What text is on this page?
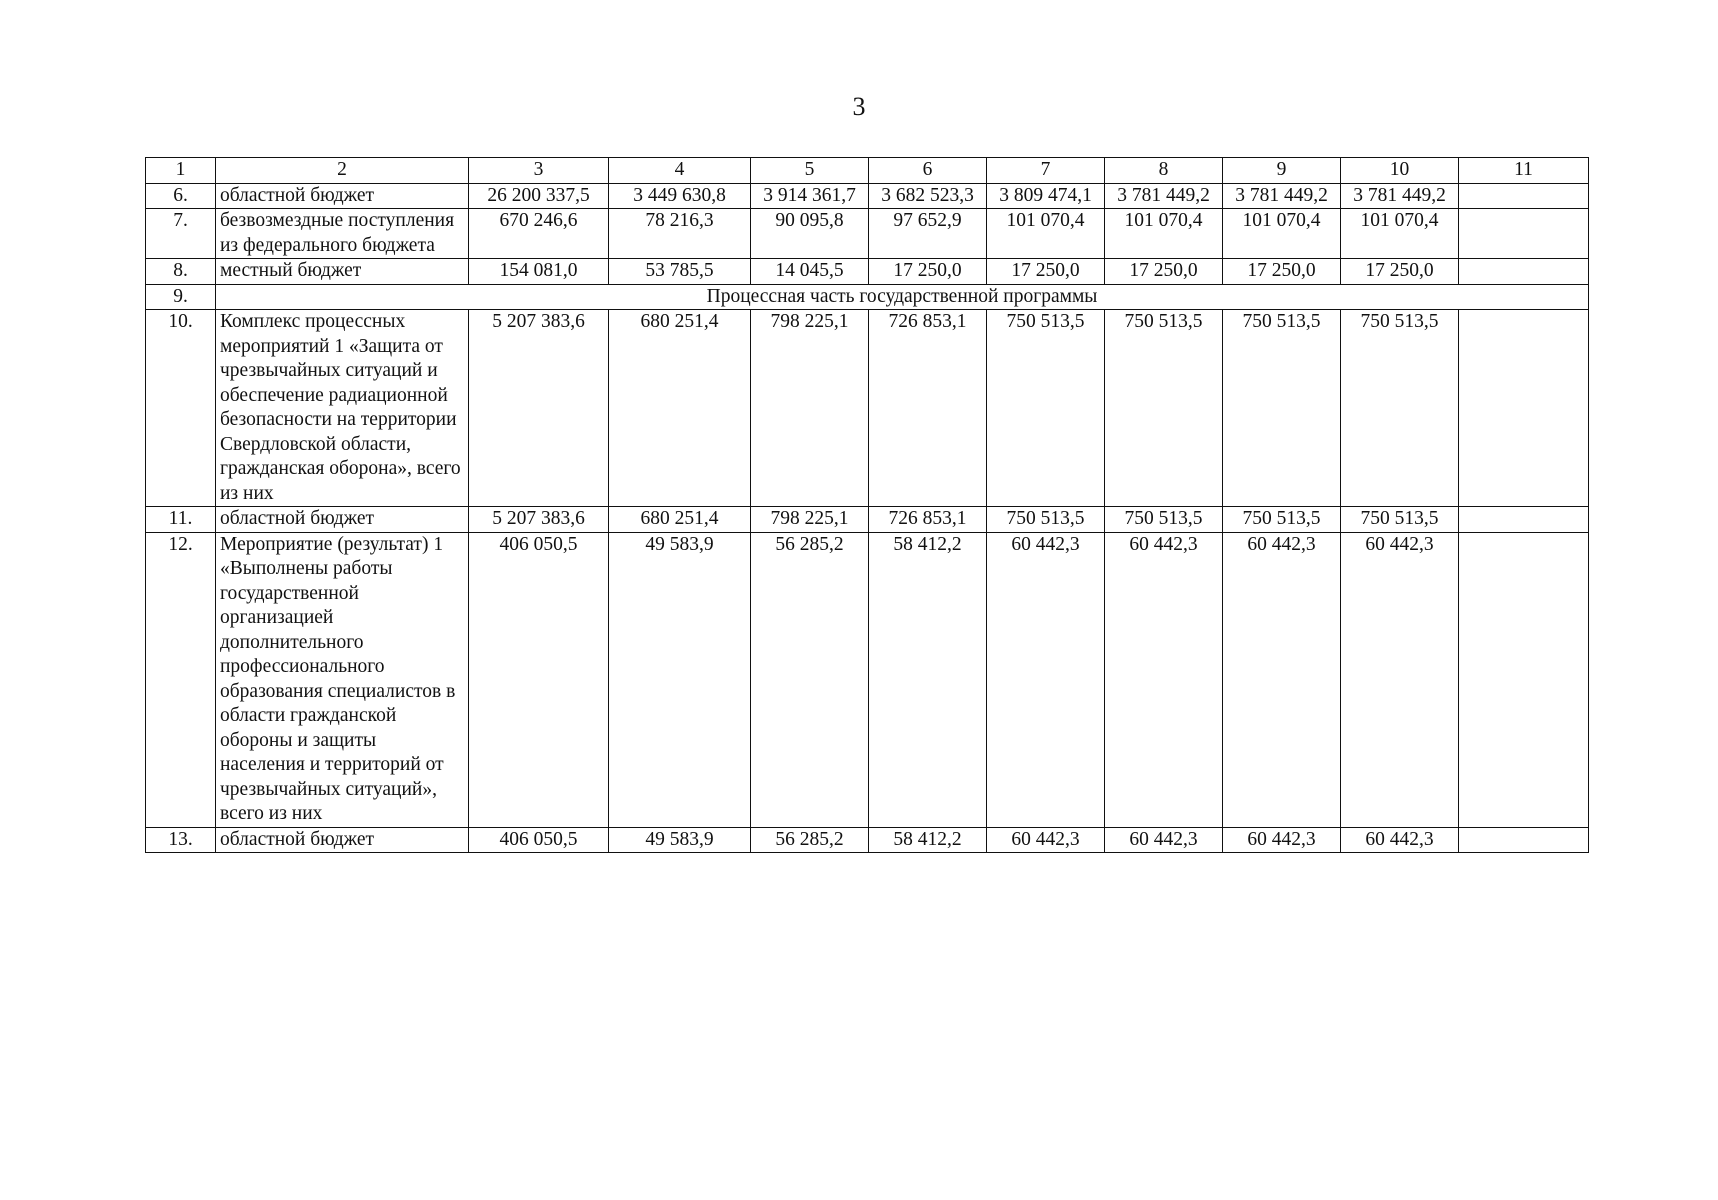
3
1	2	3	4	5	6	7	8	9	10	11
6.	областной бюджет	26 200 337,5	3 449 630,8	3 914 361,7	3 682 523,3	3 809 474,1	3 781 449,2	3 781 449,2	3 781 449,2	
7.	безвозмездные поступления из федерального бюджета	670 246,6	78 216,3	90 095,8	97 652,9	101 070,4	101 070,4	101 070,4	101 070,4	
8.	местный бюджет	154 081,0	53 785,5	14 045,5	17 250,0	17 250,0	17 250,0	17 250,0	17 250,0	
9.	Процессная часть государственной программы									
10.	Комплекс процессных мероприятий 1 «Защита от чрезвычайных ситуаций и обеспечение радиационной безопасности на территории Свердловской области, гражданская оборона», всего из них	5 207 383,6	680 251,4	798 225,1	726 853,1	750 513,5	750 513,5	750 513,5	750 513,5	
11.	областной бюджет	5 207 383,6	680 251,4	798 225,1	726 853,1	750 513,5	750 513,5	750 513,5	750 513,5	
12.	Мероприятие (результат) 1 «Выполнены работы государственной организацией дополнительного профессионального образования специалистов в области гражданской обороны и защиты населения и территорий от чрезвычайных ситуаций», всего из них	406 050,5	49 583,9	56 285,2	58 412,2	60 442,3	60 442,3	60 442,3	60 442,3	
13.	областной бюджет	406 050,5	49 583,9	56 285,2	58 412,2	60 442,3	60 442,3	60 442,3	60 442,3	
